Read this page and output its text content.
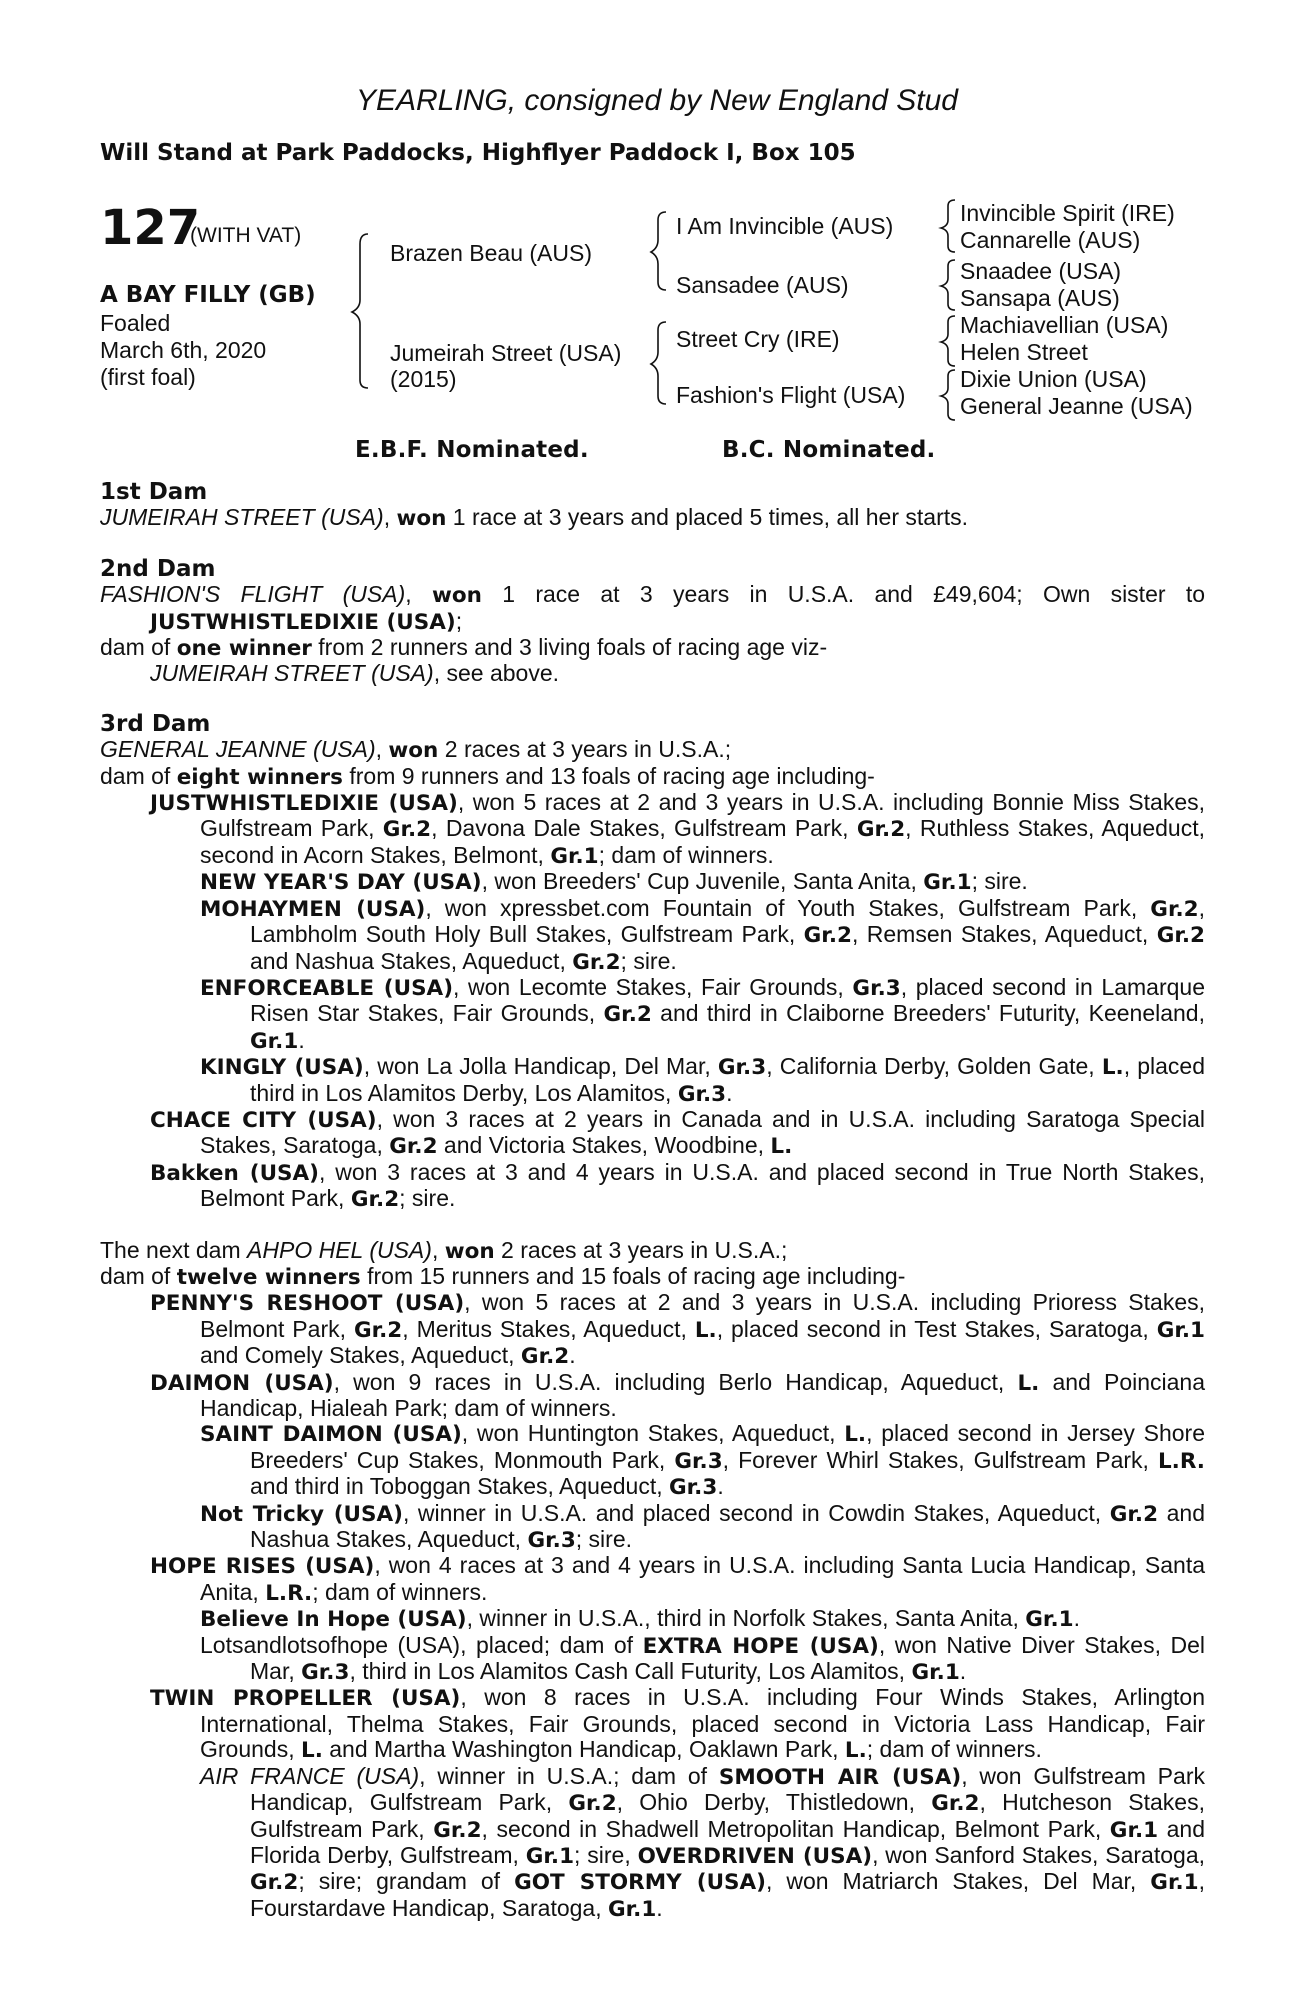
YEARLING, consigned by New England Stud
Will Stand at Park Paddocks, Highflyer Paddock I, Box 105
127
(WITH VAT)
A BAY FILLY (GB)
Foaled
March 6th, 2020
(first foal)
Brazen Beau (AUS)
Jumeirah Street (USA)
(2015)
I Am Invincible (AUS)
Sansadee (AUS)
Street Cry (IRE)
Fashion's Flight (USA)
Invincible Spirit (IRE)
Cannarelle (AUS)
Snaadee (USA)
Sansapa (AUS)
Machiavellian (USA)
Helen Street
Dixie Union (USA)
General Jeanne (USA)
E.B.F. Nominated.	B.C. Nominated.

1st Dam

JUMEIRAH STREET (USA), won 1 race at 3 years and placed 5 times, all her starts.

2nd Dam

FASHION'S FLIGHT (USA), won 1 race at 3 years in U.S.A. and £49,604; Own sister to JUSTWHISTLEDIXIE (USA);

dam of one winner from 2 runners and 3 living foals of racing age viz-

JUMEIRAH STREET (USA), see above.

3rd Dam

GENERAL JEANNE (USA), won 2 races at 3 years in U.S.A.;

dam of eight winners from 9 runners and 13 foals of racing age including-

JUSTWHISTLEDIXIE (USA), won 5 races at 2 and 3 years in U.S.A. including Bonnie Miss Stakes, Gulfstream Park, Gr.2, Davona Dale Stakes, Gulfstream Park, Gr.2, Ruthless Stakes, Aqueduct, second in Acorn Stakes, Belmont, Gr.1; dam of winners.

NEW YEAR'S DAY (USA), won Breeders' Cup Juvenile, Santa Anita, Gr.1; sire.

MOHAYMEN (USA), won xpressbet.com Fountain of Youth Stakes, Gulfstream Park, Gr.2, Lambholm South Holy Bull Stakes, Gulfstream Park, Gr.2, Remsen Stakes, Aqueduct, Gr.2 and Nashua Stakes, Aqueduct, Gr.2; sire.

ENFORCEABLE (USA), won Lecomte Stakes, Fair Grounds, Gr.3, placed second in Lamarque Risen Star Stakes, Fair Grounds, Gr.2 and third in Claiborne Breeders' Futurity, Keeneland, Gr.1.

KINGLY (USA), won La Jolla Handicap, Del Mar, Gr.3, California Derby, Golden Gate, L., placed third in Los Alamitos Derby, Los Alamitos, Gr.3.

CHACE CITY (USA), won 3 races at 2 years in Canada and in U.S.A. including Saratoga Special Stakes, Saratoga, Gr.2 and Victoria Stakes, Woodbine, L.

Bakken (USA), won 3 races at 3 and 4 years in U.S.A. and placed second in True North Stakes, Belmont Park, Gr.2; sire.

The next dam AHPO HEL (USA), won 2 races at 3 years in U.S.A.;

dam of twelve winners from 15 runners and 15 foals of racing age including-

PENNY'S RESHOOT (USA), won 5 races at 2 and 3 years in U.S.A. including Prioress Stakes, Belmont Park, Gr.2, Meritus Stakes, Aqueduct, L., placed second in Test Stakes, Saratoga, Gr.1 and Comely Stakes, Aqueduct, Gr.2.

DAIMON (USA), won 9 races in U.S.A. including Berlo Handicap, Aqueduct, L. and Poinciana Handicap, Hialeah Park; dam of winners.

SAINT DAIMON (USA), won Huntington Stakes, Aqueduct, L., placed second in Jersey Shore Breeders' Cup Stakes, Monmouth Park, Gr.3, Forever Whirl Stakes, Gulfstream Park, L.R. and third in Toboggan Stakes, Aqueduct, Gr.3.

Not Tricky (USA), winner in U.S.A. and placed second in Cowdin Stakes, Aqueduct, Gr.2 and Nashua Stakes, Aqueduct, Gr.3; sire.

HOPE RISES (USA), won 4 races at 3 and 4 years in U.S.A. including Santa Lucia Handicap, Santa Anita, L.R.; dam of winners.

Believe In Hope (USA), winner in U.S.A., third in Norfolk Stakes, Santa Anita, Gr.1.

Lotsandlotsofhope (USA), placed; dam of EXTRA HOPE (USA), won Native Diver Stakes, Del Mar, Gr.3, third in Los Alamitos Cash Call Futurity, Los Alamitos, Gr.1.

TWIN PROPELLER (USA), won 8 races in U.S.A. including Four Winds Stakes, Arlington International, Thelma Stakes, Fair Grounds, placed second in Victoria Lass Handicap, Fair Grounds, L. and Martha Washington Handicap, Oaklawn Park, L.; dam of winners.

AIR FRANCE (USA), winner in U.S.A.; dam of SMOOTH AIR (USA), won Gulfstream Park Handicap, Gulfstream Park, Gr.2, Ohio Derby, Thistledown, Gr.2, Hutcheson Stakes, Gulfstream Park, Gr.2, second in Shadwell Metropolitan Handicap, Belmont Park, Gr.1 and Florida Derby, Gulfstream, Gr.1; sire, OVERDRIVEN (USA), won Sanford Stakes, Saratoga, Gr.2; sire; grandam of GOT STORMY (USA), won Matriarch Stakes, Del Mar, Gr.1, Fourstardave Handicap, Saratoga, Gr.1.
